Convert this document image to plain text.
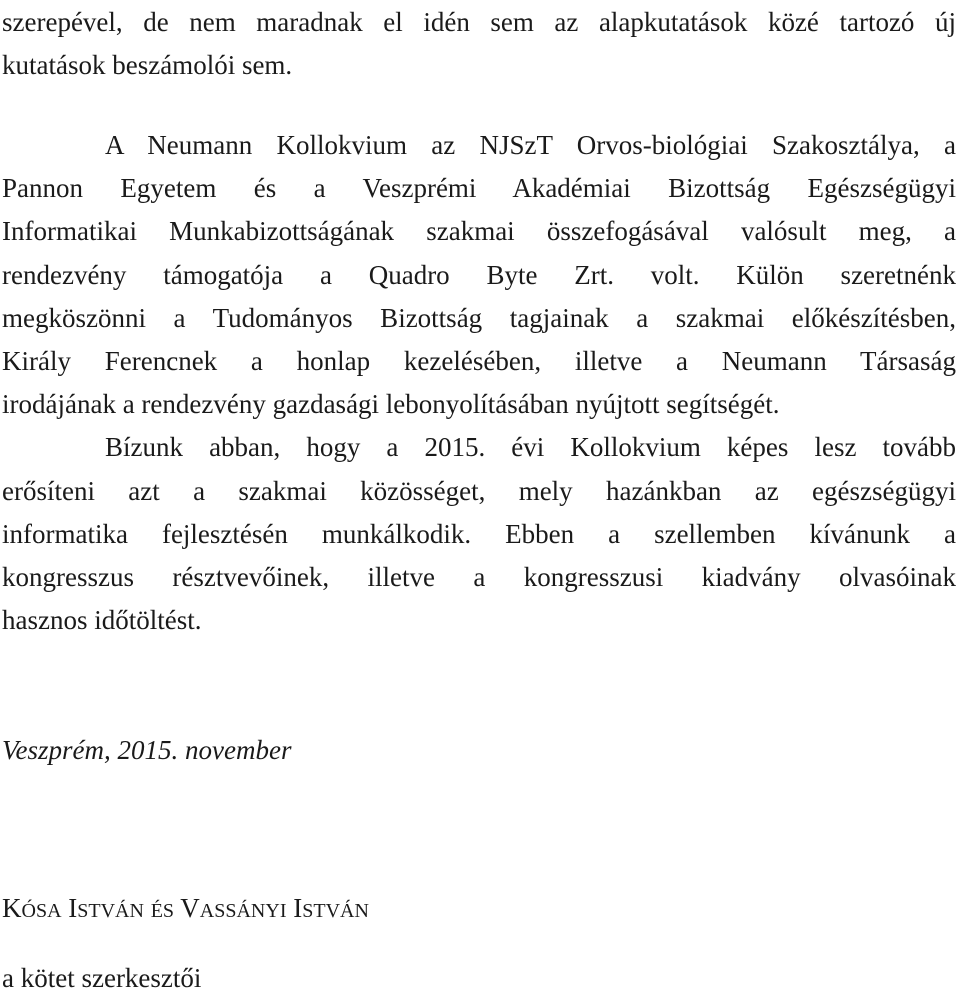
szerepével, de nem maradnak el idén sem az alapkutatások közé tartozó új
kutatások beszámolói sem.
A Neumann Kollokvium az NJSzT Orvos-biológiai Szakosztálya, a
Pannon Egyetem és a Veszprémi Akadémiai Bizottság Egészségügyi
Informatikai Munkabizottságának szakmai összefogásával valósult meg, a
rendezvény támogatója a Quadro Byte Zrt. volt. Külön szeretnénk
megköszönni a Tudományos Bizottság tagjainak a szakmai előkészítésben,
Király Ferencnek a honlap kezelésében, illetve a Neumann Társaság
irodájának a rendezvény gazdasági lebonyolításában nyújtott segítségét.
Bízunk abban, hogy a 2015. évi Kollokvium képes lesz tovább
erősíteni azt a szakmai közösséget, mely hazánkban az egészségügyi
informatika fejlesztésén munkálkodik. Ebben a szellemben kívánunk a
kongresszus résztvevőinek, illetve a kongresszusi kiadvány olvasóinak
hasznos időtöltést.
Veszprém, 2015. november
KÓSA ISTVÁN ÉS VASSÁNYI ISTVÁN
a kötet szerkesztői
